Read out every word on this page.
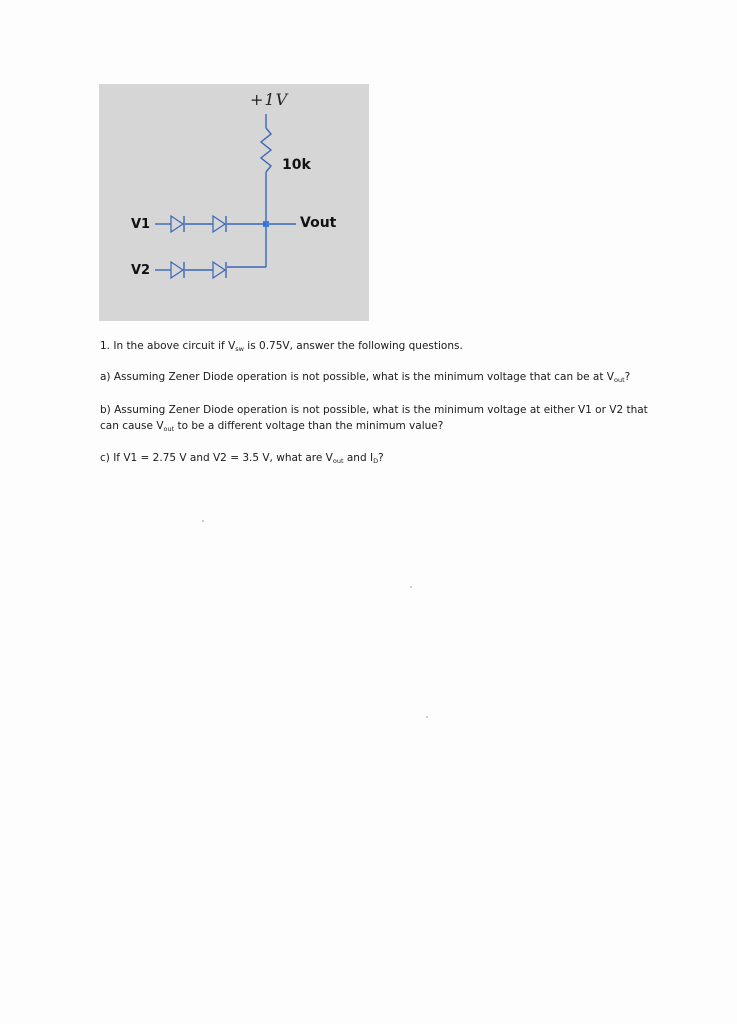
+1V
10k
Vout
V1
V2

1. In the above circuit if $V_{sw}$ is 0.75V, answer the following questions.

a) Assuming Zener Diode operation is not possible, what is the minimum voltage that can be at $V_{out}$?

b) Assuming Zener Diode operation is not possible, what is the minimum voltage at either V1 or V2 that
can cause $V_{out}$ to be a different voltage than the minimum value?

c) If V1 = 2.75 V and V2 = 3.5 V, what are $V_{out}$ and $I_D$?
